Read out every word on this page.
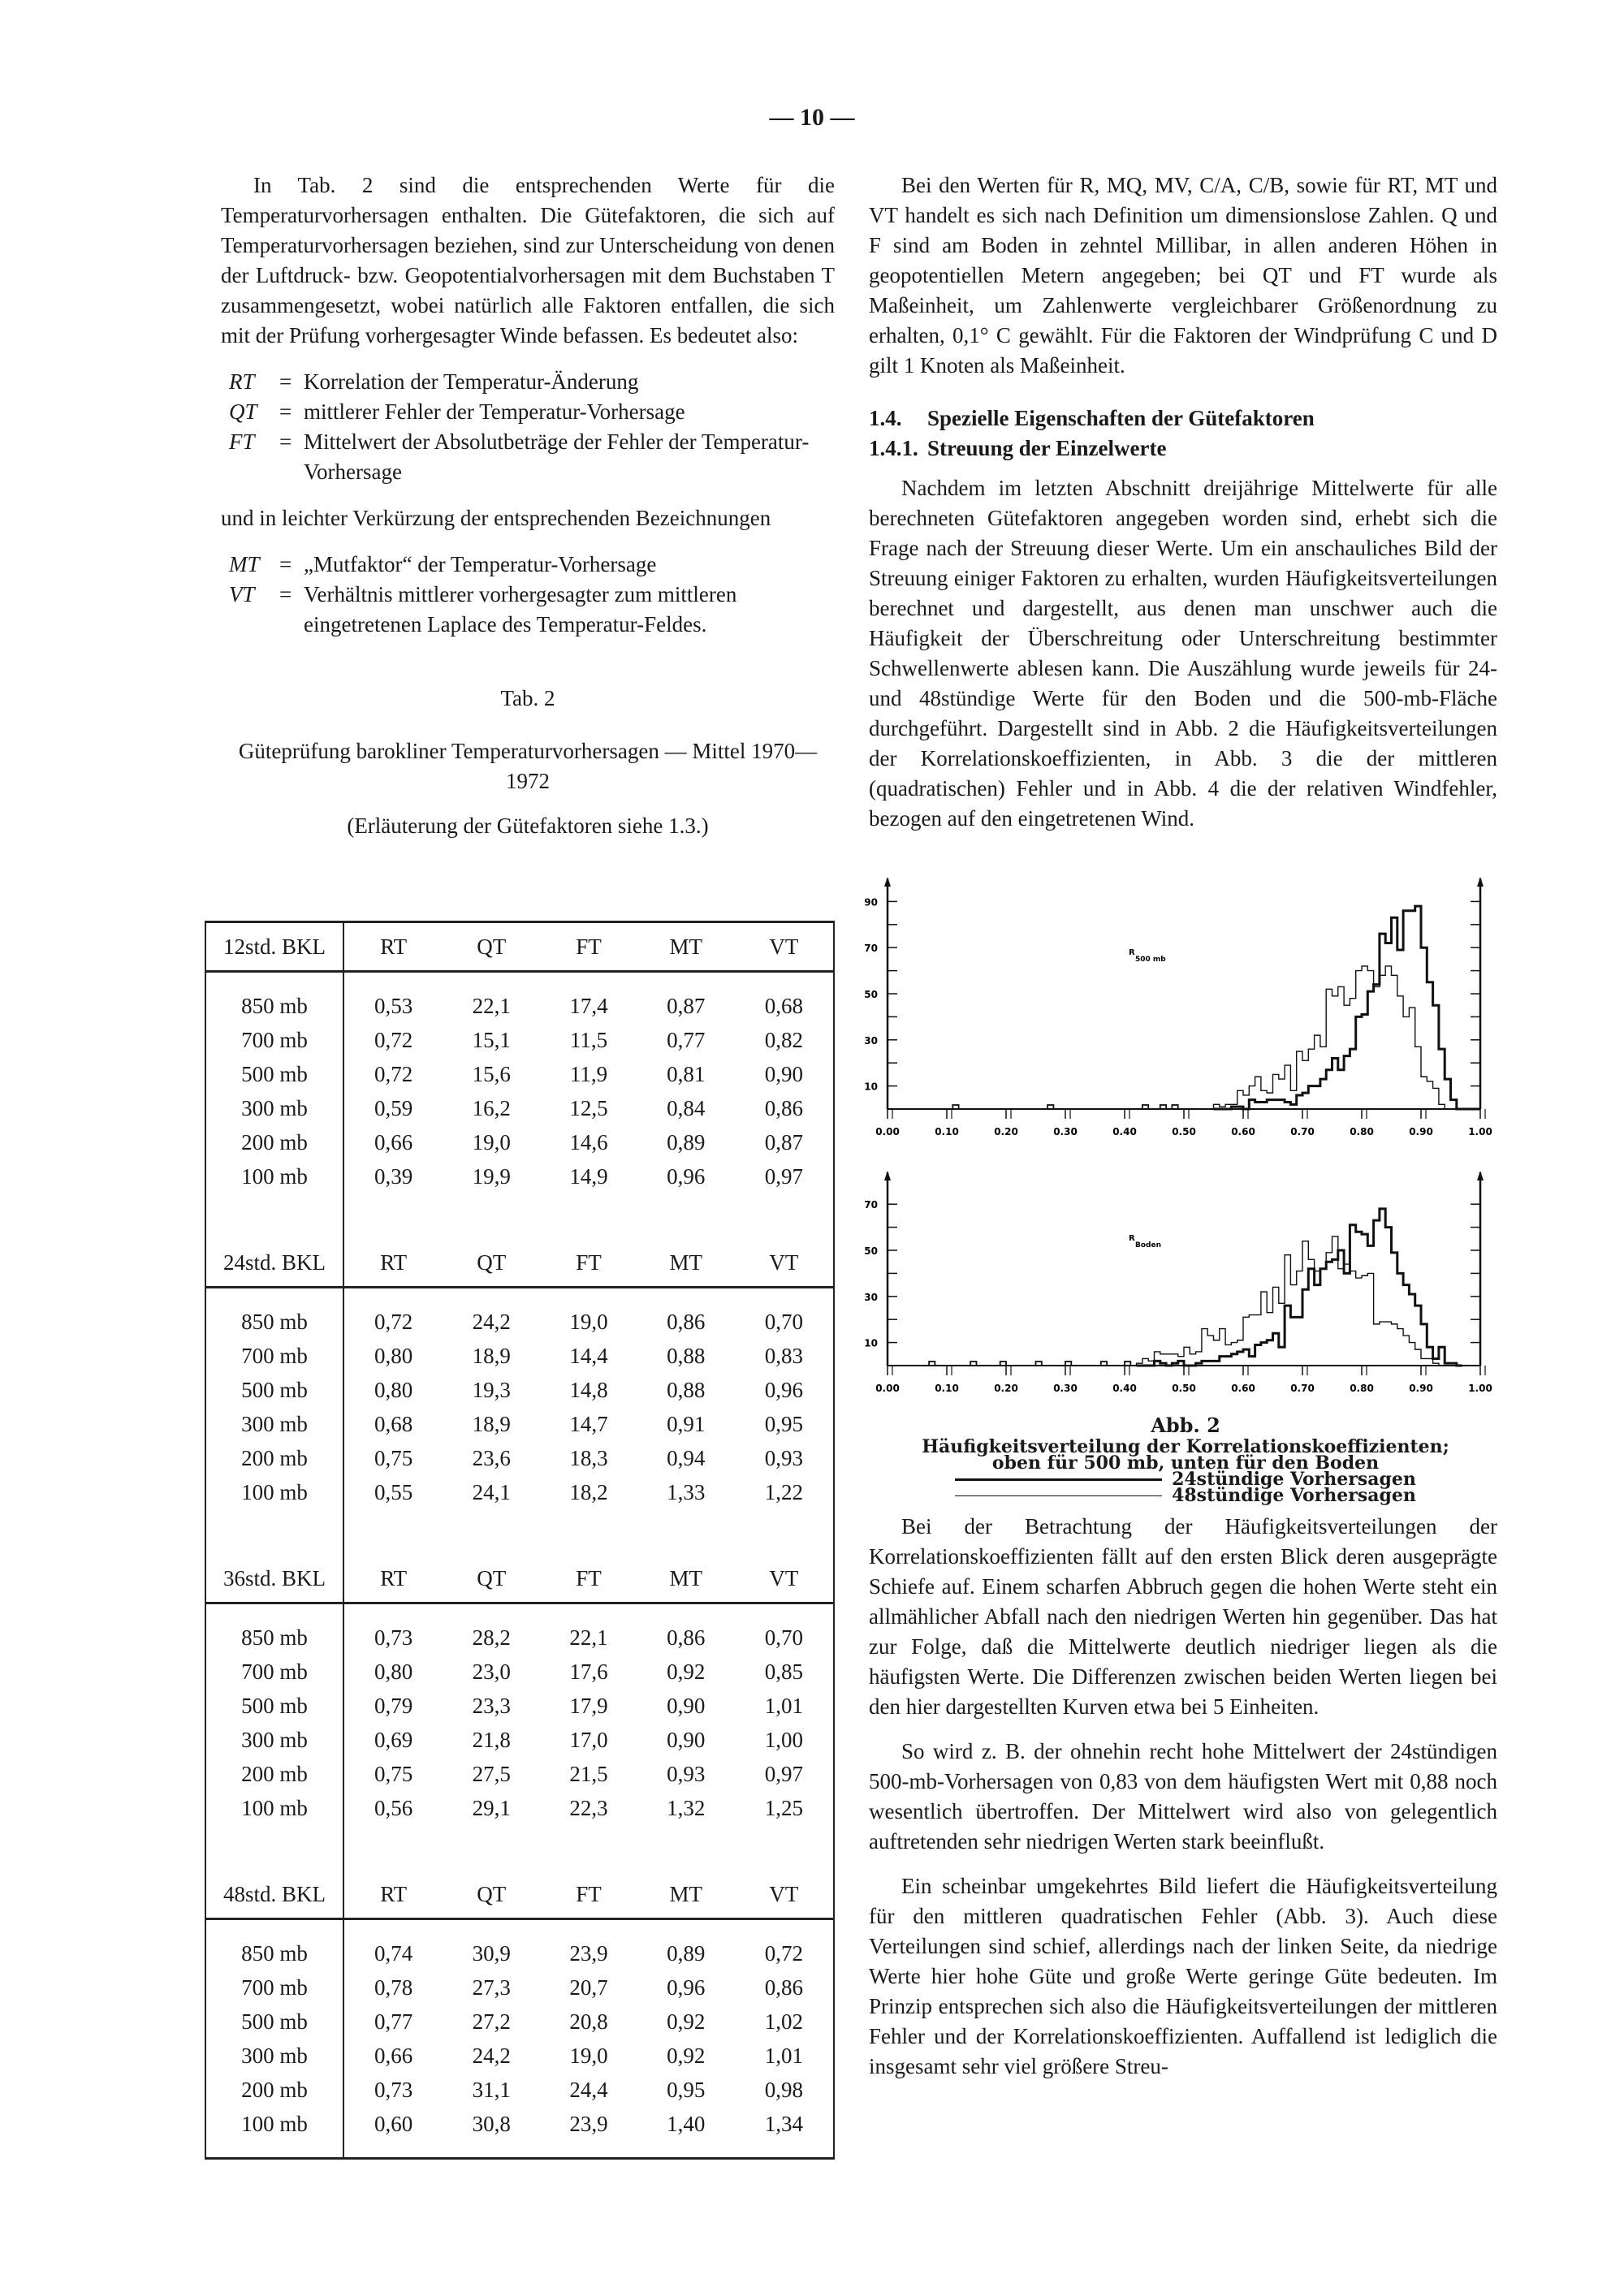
— 10 —

In Tab. 2 sind die entsprechenden Werte für die Temperaturvorhersagen enthalten. Die Gütefaktoren, die sich auf Temperaturvorhersagen beziehen, sind zur Unterscheidung von denen der Luftdruck- bzw. Geopotentialvorhersagen mit dem Buchstaben T zusammengesetzt, wobei natürlich alle Faktoren entfallen, die sich mit der Prüfung vorhergesagter Winde befassen. Es bedeutet also:

RT	= Korrelation der Temperatur-Änderung
QT	= mittlerer Fehler der Temperatur-Vorhersage
FT	= Mittelwert der Absolutbeträge der Fehler der Temperatur-Vorhersage

und in leichter Verkürzung der entsprechenden Bezeichnungen

MT = „Mutfaktor“ der Temperatur-Vorhersage
VT	= Verhältnis mittlerer vorhergesagter zum mittleren eingetretenen Laplace des Temperatur-Feldes.
Tab. 2
Güteprüfung barokliner Temperaturvorhersagen — Mittel 1970—1972
(Erläuterung der Gütefaktoren siehe 1.3.)
12std. BKL	RT	QT	FT	MT	VT

850 mb	0,53	22,1	17,4	0,87	0,68
700 mb	0,72	15,1	11,5	0,77	0,82
500 mb	0,72	15,6	11,9	0,81	0,90
300 mb	0,59	16,2	12,5	0,84	0,86
200 mb	0,66	19,0	14,6	0,89	0,87
100 mb	0,39	19,9	14,9	0,96	0,97

24std. BKL	RT	QT	FT	MT	VT

850 mb	0,72	24,2	19,0	0,86	0,70
700 mb	0,80	18,9	14,4	0,88	0,83
500 mb	0,80	19,3	14,8	0,88	0,96
300 mb	0,68	18,9	14,7	0,91	0,95
200 mb	0,75	23,6	18,3	0,94	0,93
100 mb	0,55	24,1	18,2	1,33	1,22

36std. BKL	RT	QT	FT	MT	VT

850 mb	0,73	28,2	22,1	0,86	0,70
700 mb	0,80	23,0	17,6	0,92	0,85
500 mb	0,79	23,3	17,9	0,90	1,01
300 mb	0,69	21,8	17,0	0,90	1,00
200 mb	0,75	27,5	21,5	0,93	0,97
100 mb	0,56	29,1	22,3	1,32	1,25

48std. BKL	RT	QT	FT	MT	VT

850 mb	0,74	30,9	23,9	0,89	0,72
700 mb	0,78	27,3	20,7	0,96	0,86
500 mb	0,77	27,2	20,8	0,92	1,02
300 mb	0,66	24,2	19,0	0,92	1,01
200 mb	0,73	31,1	24,4	0,95	0,98
100 mb	0,60	30,8	23,9	1,40	1,34

Bei den Werten für R, MQ, MV, C/A, C/B, sowie für RT, MT und VT handelt es sich nach Definition um dimensionslose Zahlen. Q und F sind am Boden in zehntel Millibar, in allen anderen Höhen in geopotentiellen Metern angegeben; bei QT und FT wurde als Maßeinheit, um Zahlenwerte vergleichbarer Größenordnung zu erhalten, 0,1° C gewählt. Für die Faktoren der Windprüfung C und D gilt 1 Knoten als Maßeinheit.

1.4. Spezielle Eigenschaften der Gütefaktoren
1.4.1. Streuung der Einzelwerte

Nachdem im letzten Abschnitt dreijährige Mittelwerte für alle berechneten Gütefaktoren angegeben worden sind, erhebt sich die Frage nach der Streuung dieser Werte. Um ein anschauliches Bild der Streuung einiger Faktoren zu erhalten, wurden Häufigkeitsverteilungen berechnet und dargestellt, aus denen man unschwer auch die Häufigkeit der Überschreitung oder Unterschreitung bestimmter Schwellenwerte ablesen kann. Die Auszählung wurde jeweils für 24- und 48stündige Werte für den Boden und die 500-mb-Fläche durchgeführt. Dargestellt sind in Abb. 2 die Häufigkeitsverteilungen der Korrelationskoeffizienten, in Abb. 3 die der mittleren (quadratischen) Fehler und in Abb. 4 die der relativen Windfehler, bezogen auf den eingetretenen Wind.

10
30
50
70
90
0.00	0.10	0.20	0.30	0.40	0.50	0.60	0.70	0.80	0.90	1.00
R
500 mb
10
30
50
70
0.00	0.10	0.20	0.30	0.40	0.50	0.60	0.70	0.80	0.90	1.00
R
Boden
Abb. 2
Häufigkeitsverteilung der Korrelationskoeffizienten;
oben für 500 mb, unten für den Boden
24stündige Vorhersagen
48stündige Vorhersagen

Bei der Betrachtung der Häufigkeitsverteilungen der Korrelationskoeffizienten fällt auf den ersten Blick deren ausgeprägte Schiefe auf. Einem scharfen Abbruch gegen die hohen Werte steht ein allmählicher Abfall nach den niedrigen Werten hin gegenüber. Das hat zur Folge, daß die Mittelwerte deutlich niedriger liegen als die häufigsten Werte. Die Differenzen zwischen beiden Werten liegen bei den hier dargestellten Kurven etwa bei 5 Einheiten.

So wird z. B. der ohnehin recht hohe Mittelwert der 24stündigen 500-mb-Vorhersagen von 0,83 von dem häufigsten Wert mit 0,88 noch wesentlich übertroffen. Der Mittelwert wird also von gelegentlich auftretenden sehr niedrigen Werten stark beeinflußt.

Ein scheinbar umgekehrtes Bild liefert die Häufigkeitsverteilung für den mittleren quadratischen Fehler (Abb. 3). Auch diese Verteilungen sind schief, allerdings nach der linken Seite, da niedrige Werte hier hohe Güte und große Werte geringe Güte bedeuten. Im Prinzip entsprechen sich also die Häufigkeitsverteilungen der mittleren Fehler und der Korrelationskoeffizienten. Auffallend ist lediglich die insgesamt sehr viel größere Streu-
